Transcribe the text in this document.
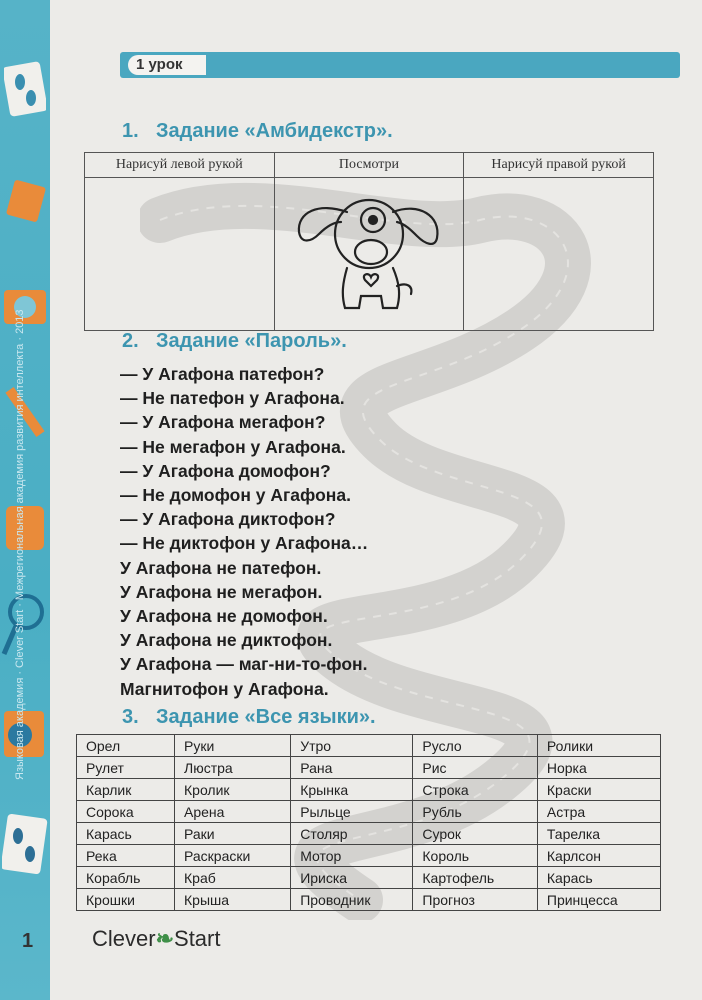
1 урок
1. Задание «Амбидекстр».
Нарисуй левой рукой	Посмотри	Нарисуй правой рукой

2. Задание «Пароль».
— У Агафона патефон?
— Не патефон у Агафона.
— У Агафона мегафон?
— Не мегафон у Агафона.
— У Агафона домофон?
— Не домофон у Агафона.
— У Агафона диктофон?
— Не диктофон у Агафона…
У Агафона не патефон.
У Агафона не мегафон.
У Агафона не домофон.
У Агафона не диктофон.
У Агафона — маг-ни-то-фон.
Магнитофон у Агафона.
3. Задание «Все языки».
Орел	Руки	Утро	Русло	Ролики
Рулет	Люстра	Рана	Рис	Норка
Карлик	Кролик	Крынка	Строка	Краски
Сорока	Арена	Рыльце	Рубль	Астра
Карась	Раки	Столяр	Сурок	Тарелка
Река	Раскраски	Мотор	Король	Карлсон
Корабль	Краб	Ириска	Картофель	Карась
Крошки	Крыша	Проводник	Прогноз	Принцесса
1	Clever❧Start
